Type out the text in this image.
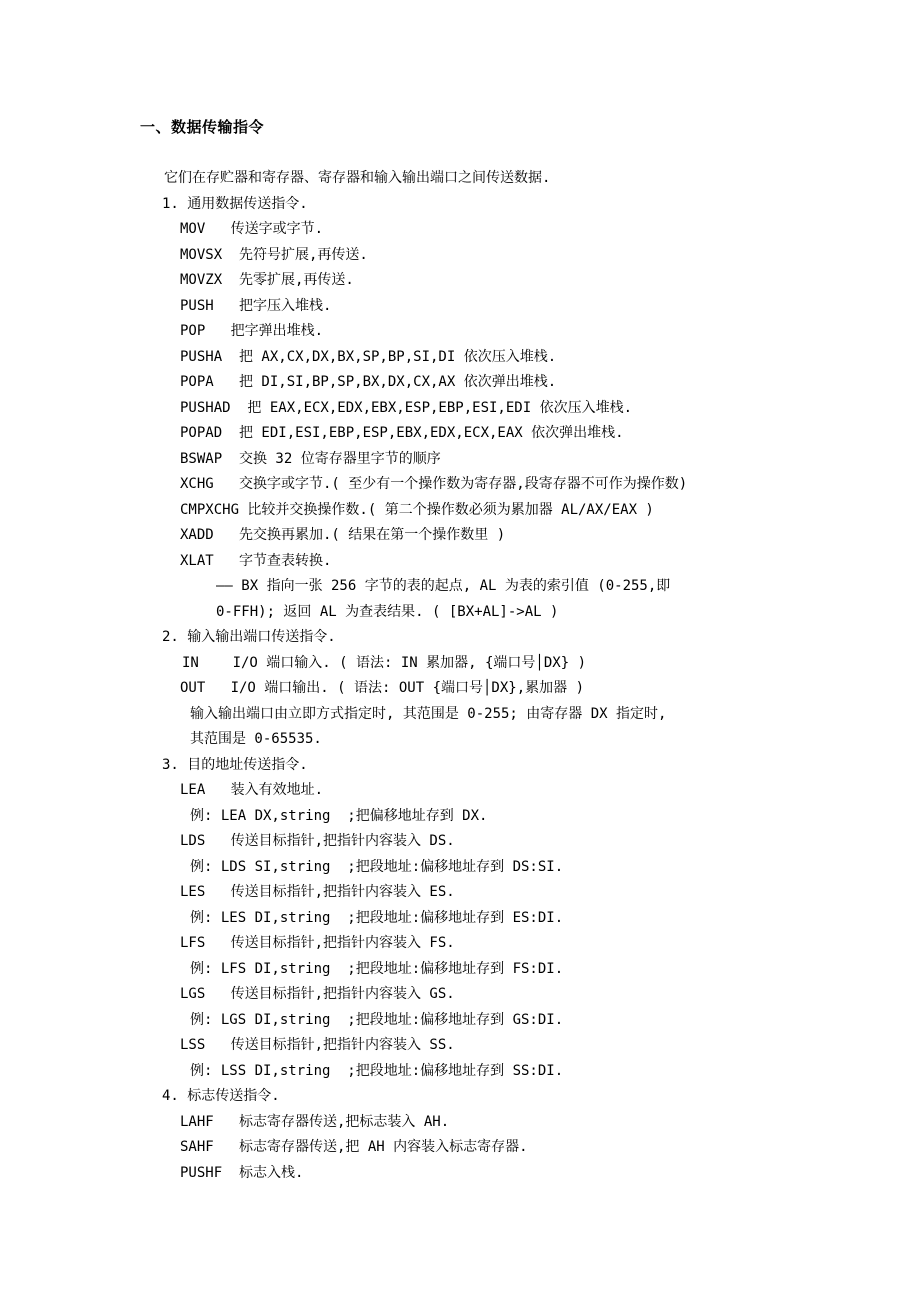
一、数据传输指令
它们在存贮器和寄存器、寄存器和输入输出端口之间传送数据.
1. 通用数据传送指令.
MOV   传送字或字节.
MOVSX  先符号扩展,再传送.
MOVZX  先零扩展,再传送.
PUSH   把字压入堆栈.
POP   把字弹出堆栈.
PUSHA  把 AX,CX,DX,BX,SP,BP,SI,DI 依次压入堆栈.
POPA   把 DI,SI,BP,SP,BX,DX,CX,AX 依次弹出堆栈.
PUSHAD  把 EAX,ECX,EDX,EBX,ESP,EBP,ESI,EDI 依次压入堆栈.
POPAD  把 EDI,ESI,EBP,ESP,EBX,EDX,ECX,EAX 依次弹出堆栈.
BSWAP  交换 32 位寄存器里字节的顺序
XCHG   交换字或字节.( 至少有一个操作数为寄存器,段寄存器不可作为操作数)
CMPXCHG 比较并交换操作数.( 第二个操作数必须为累加器 AL/AX/EAX )
XADD   先交换再累加.( 结果在第一个操作数里 )
XLAT   字节查表转换.
—— BX 指向一张 256 字节的表的起点, AL 为表的索引值 (0-255,即
0-FFH); 返回 AL 为查表结果. ( [BX+AL]->AL )
2. 输入输出端口传送指令.
IN    I/O 端口输入. ( 语法: IN 累加器, {端口号│DX} )
OUT   I/O 端口输出. ( 语法: OUT {端口号│DX},累加器 )
输入输出端口由立即方式指定时, 其范围是 0-255; 由寄存器 DX 指定时,
其范围是 0-65535.
3. 目的地址传送指令.
LEA   装入有效地址.
例: LEA DX,string  ;把偏移地址存到 DX.
LDS   传送目标指针,把指针内容装入 DS.
例: LDS SI,string  ;把段地址:偏移地址存到 DS:SI.
LES   传送目标指针,把指针内容装入 ES.
例: LES DI,string  ;把段地址:偏移地址存到 ES:DI.
LFS   传送目标指针,把指针内容装入 FS.
例: LFS DI,string  ;把段地址:偏移地址存到 FS:DI.
LGS   传送目标指针,把指针内容装入 GS.
例: LGS DI,string  ;把段地址:偏移地址存到 GS:DI.
LSS   传送目标指针,把指针内容装入 SS.
例: LSS DI,string  ;把段地址:偏移地址存到 SS:DI.
4. 标志传送指令.
LAHF   标志寄存器传送,把标志装入 AH.
SAHF   标志寄存器传送,把 AH 内容装入标志寄存器.
PUSHF  标志入栈.
